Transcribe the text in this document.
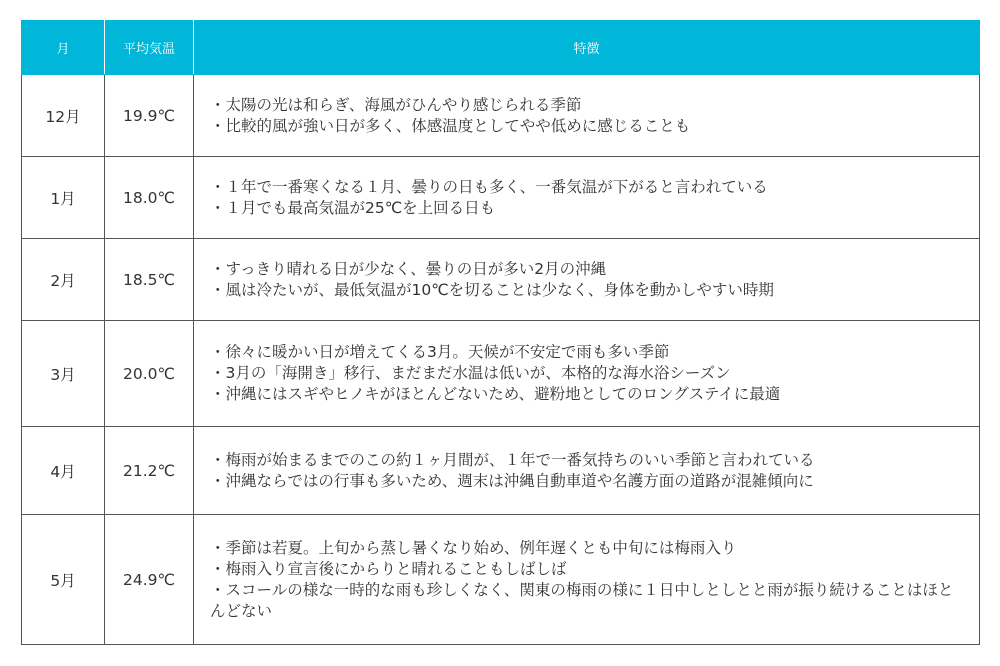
月	平均気温	特徴
12月	19.9℃	・太陽の光は和らぎ、海風がひんやり感じられる季節
・比較的風が強い日が多く、体感温度としてやや低めに感じることも

1月	18.0℃	・１年で一番寒くなる１月、曇りの日も多く、一番気温が下がると言われている
・１月でも最高気温が25℃を上回る日も

2月	18.5℃	・すっきり晴れる日が少なく、曇りの日が多い2月の沖縄
・風は冷たいが、最低気温が10℃を切ることは少なく、身体を動かしやすい時期

3月	20.0℃	・徐々に暖かい日が増えてくる3月。天候が不安定で雨も多い季節
・3月の「海開き」移行、まだまだ水温は低いが、本格的な海水浴シーズン
・沖縄にはスギやヒノキがほとんどないため、避粉地としてのロングステイに最適

4月	21.2℃	・梅雨が始まるまでのこの約１ヶ月間が、１年で一番気持ちのいい季節と言われている
・沖縄ならではの行事も多いため、週末は沖縄自動車道や名護方面の道路が混雑傾向に

5月	24.9℃	・季節は若夏。上旬から蒸し暑くなり始め、例年遅くとも中旬には梅雨入り
・梅雨入り宣言後にからりと晴れることもしばしば
・スコールの様な一時的な雨も珍しくなく、関東の梅雨の様に１日中しとしとと雨が振り続けることはほとんどない
